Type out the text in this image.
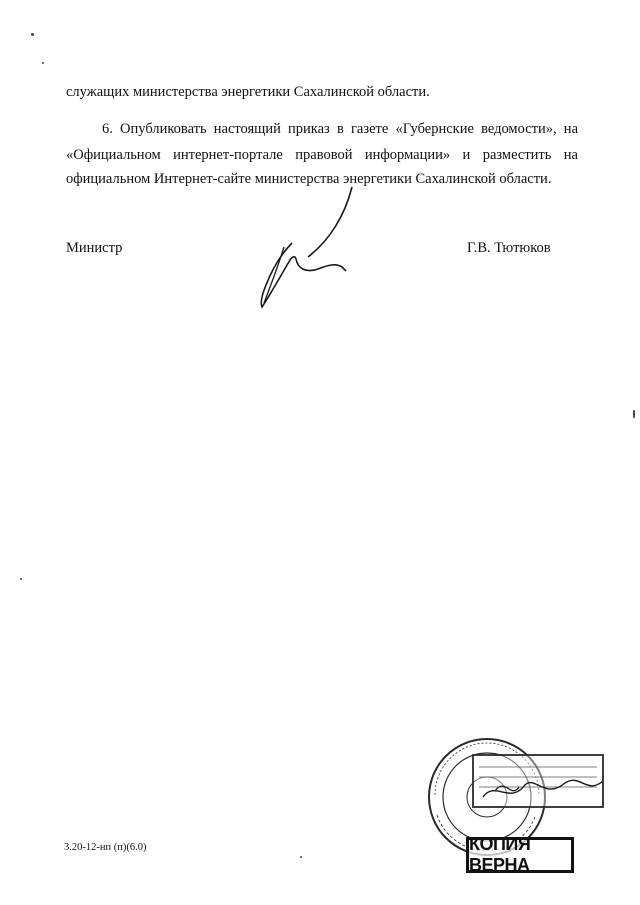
служащих министерства энергетики Сахалинской области.
6. Опубликовать настоящий приказ в газете «Губернские ведомости», на
«Официальном интернет-портале правовой информации» и разместить на
официальном Интернет-сайте министерства энергетики Сахалинской области.
Министр	Г.В. Тютюков
КОПИЯ ВЕРНА
3.20-12-нп (п)(6.0)
